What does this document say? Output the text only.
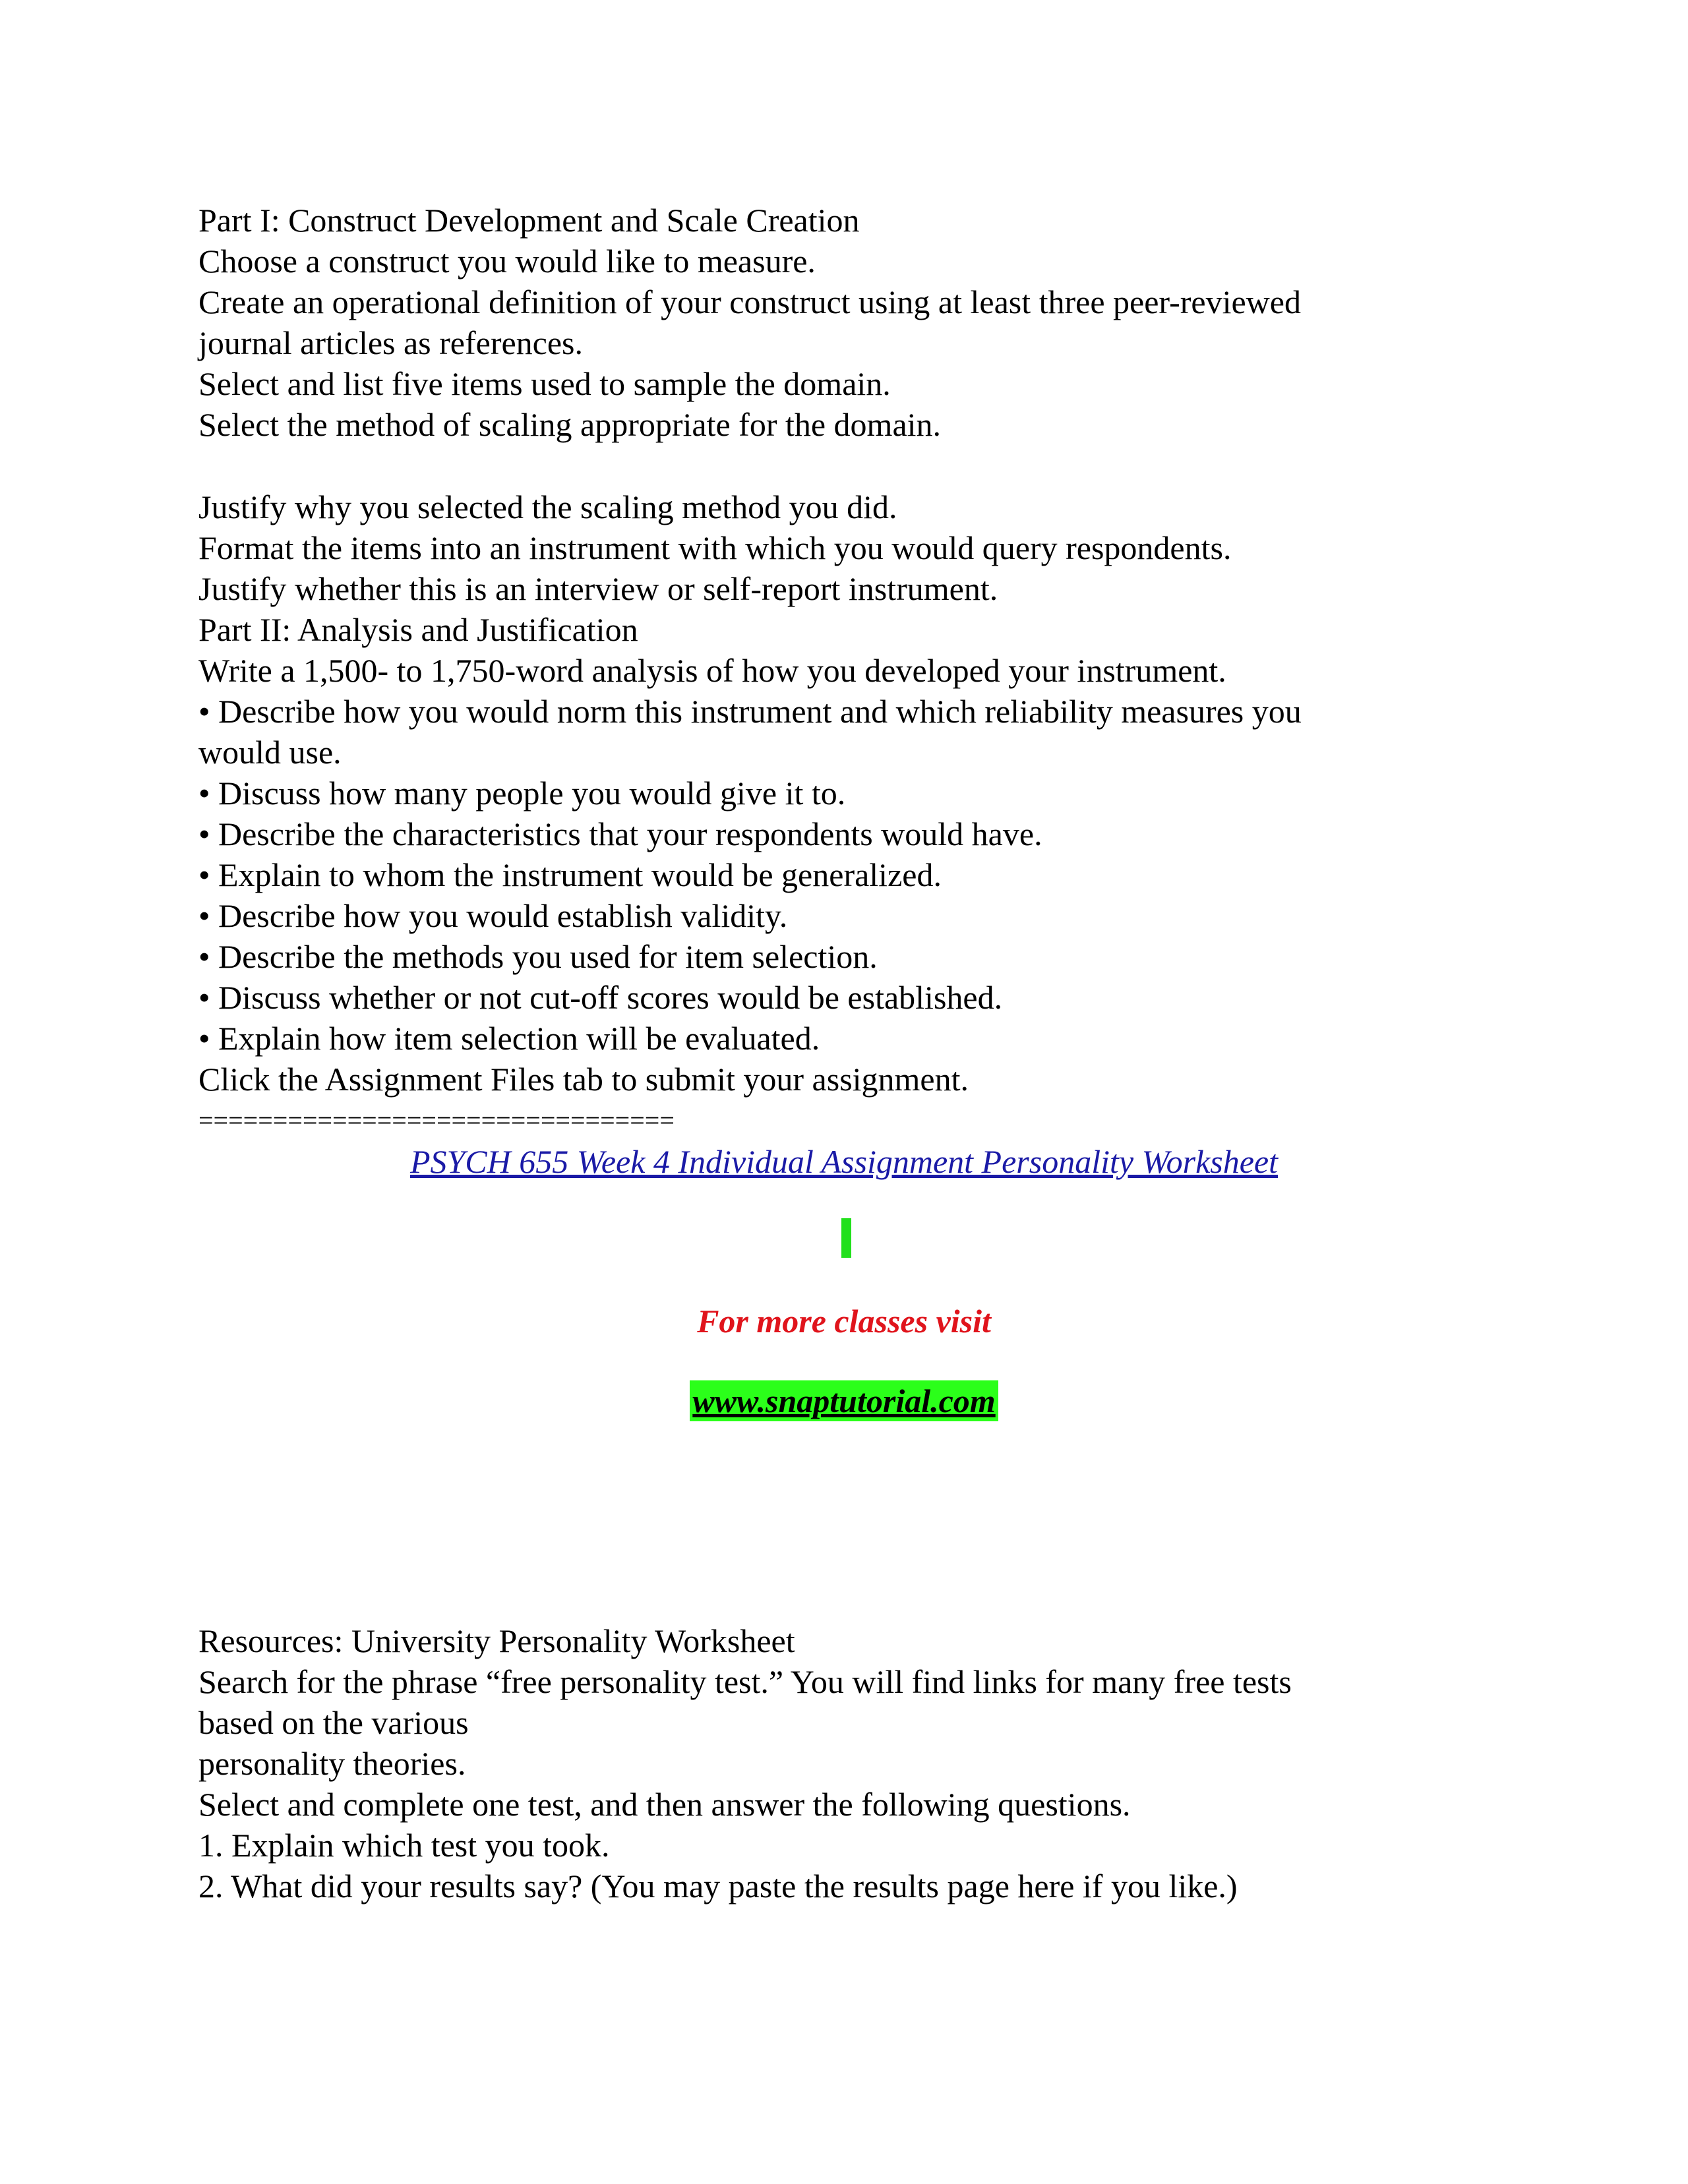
Part I: Construct Development and Scale Creation
Choose a construct you would like to measure.
Create an operational definition of your construct using at least three peer-reviewed
journal articles as references.
Select and list five items used to sample the domain.
Select the method of scaling appropriate for the domain.
Justify why you selected the scaling method you did.
Format the items into an instrument with which you would query respondents.
Justify whether this is an interview or self-report instrument.
Part II: Analysis and Justification
Write a 1,500- to 1,750-word analysis of how you developed your instrument.
• Describe how you would norm this instrument and which reliability measures you
would use.
• Discuss how many people you would give it to.
• Describe the characteristics that your respondents would have.
• Explain to whom the instrument would be generalized.
• Describe how you would establish validity.
• Describe the methods you used for item selection.
• Discuss whether or not cut-off scores would be established.
• Explain how item selection will be evaluated.
Click the Assignment Files tab to submit your assignment.
================================
PSYCH 655 Week 4 Individual Assignment Personality Worksheet
For more classes visit
www.snaptutorial.com
Resources: University Personality Worksheet
Search for the phrase “free personality test.” You will find links for many free tests
based on the various
personality theories.
Select and complete one test, and then answer the following questions.
1. Explain which test you took.
2. What did your results say? (You may paste the results page here if you like.)
